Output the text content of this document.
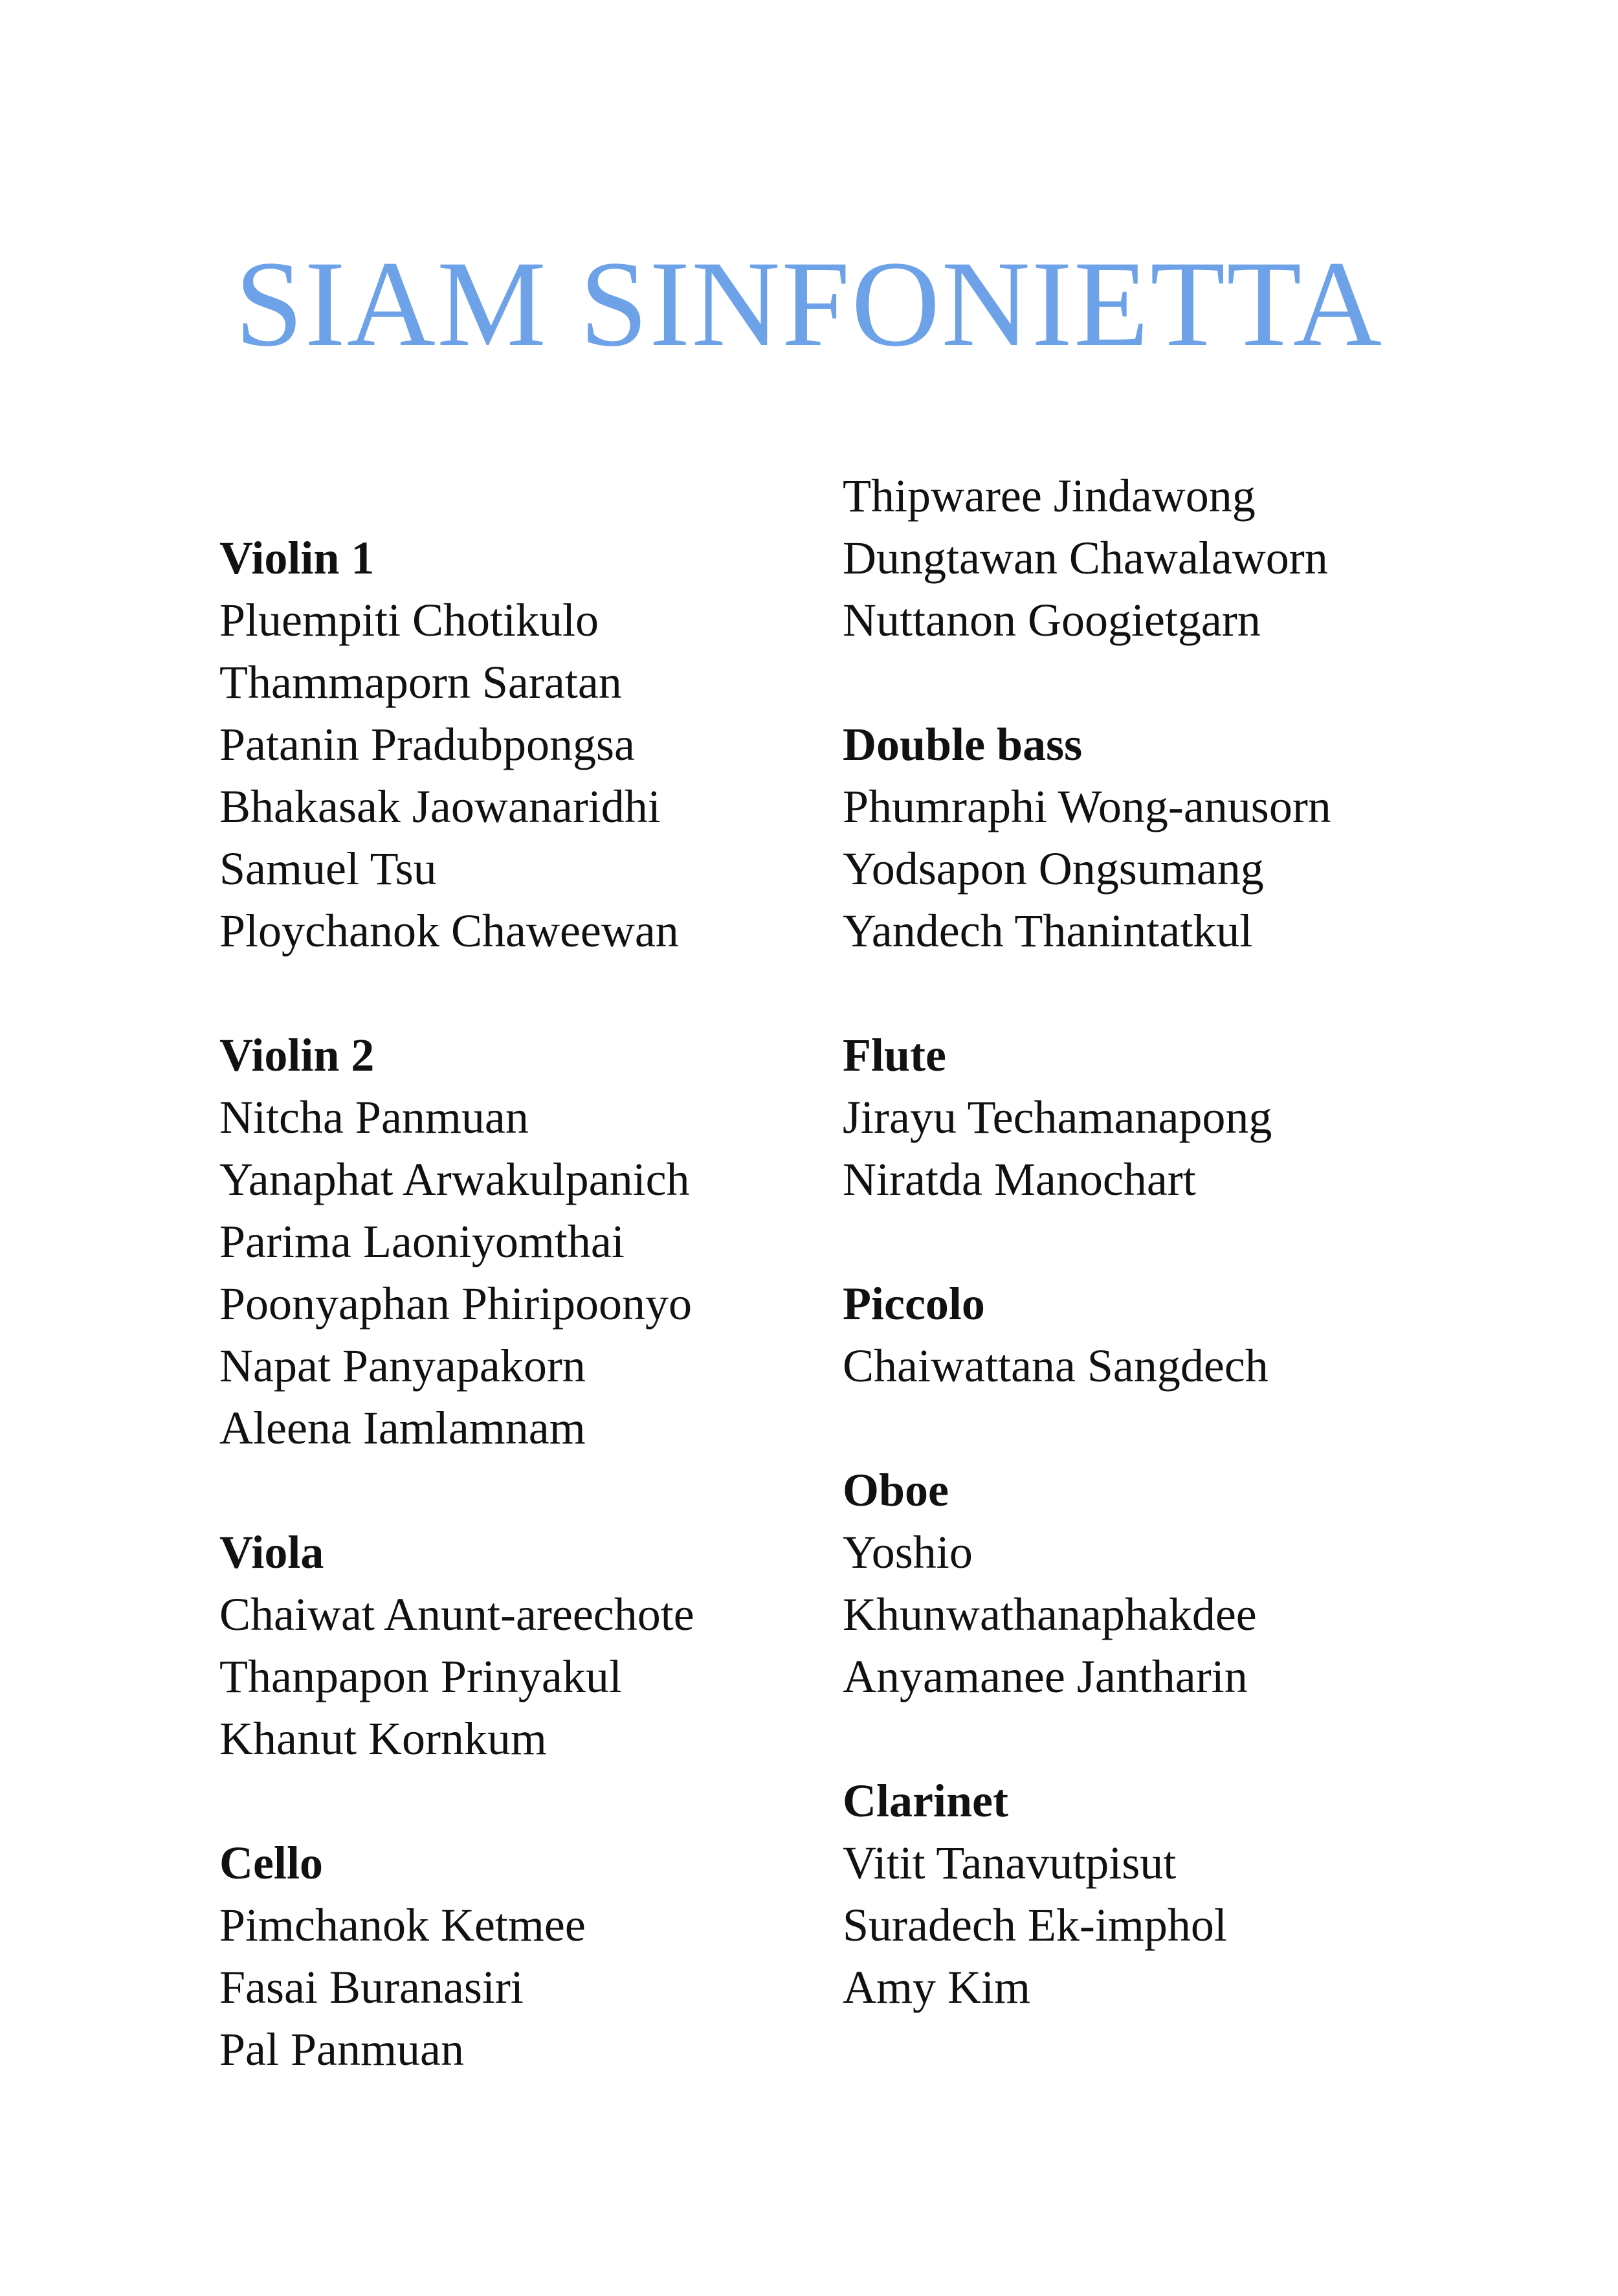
SIAM SINFONIETTA
Violin 1
Pluempiti Chotikulo
Thammaporn Saratan
Patanin Pradubpongsa
Bhakasak Jaowanaridhi
Samuel Tsu
Ploychanok Chaweewan
Violin 2
Nitcha Panmuan
Yanaphat Arwakulpanich
Parima Laoniyomthai
Poonyaphan Phiripoonyo
Napat Panyapakorn
Aleena Iamlamnam
Viola
Chaiwat Anunt-areechote
Thanpapon Prinyakul
Khanut Kornkum
Cello
Pimchanok Ketmee
Fasai Buranasiri
Pal Panmuan
Thipwaree Jindawong
Dungtawan Chawalaworn
Nuttanon Googietgarn
Double bass
Phumraphi Wong-anusorn
Yodsapon Ongsumang
Yandech Thanintatkul
Flute
Jirayu Techamanapong
Niratda Manochart
Piccolo
Chaiwattana Sangdech
Oboe
Yoshio
Khunwathanaphakdee
Anyamanee Jantharin
Clarinet
Vitit Tanavutpisut
Suradech Ek-imphol
Amy Kim
